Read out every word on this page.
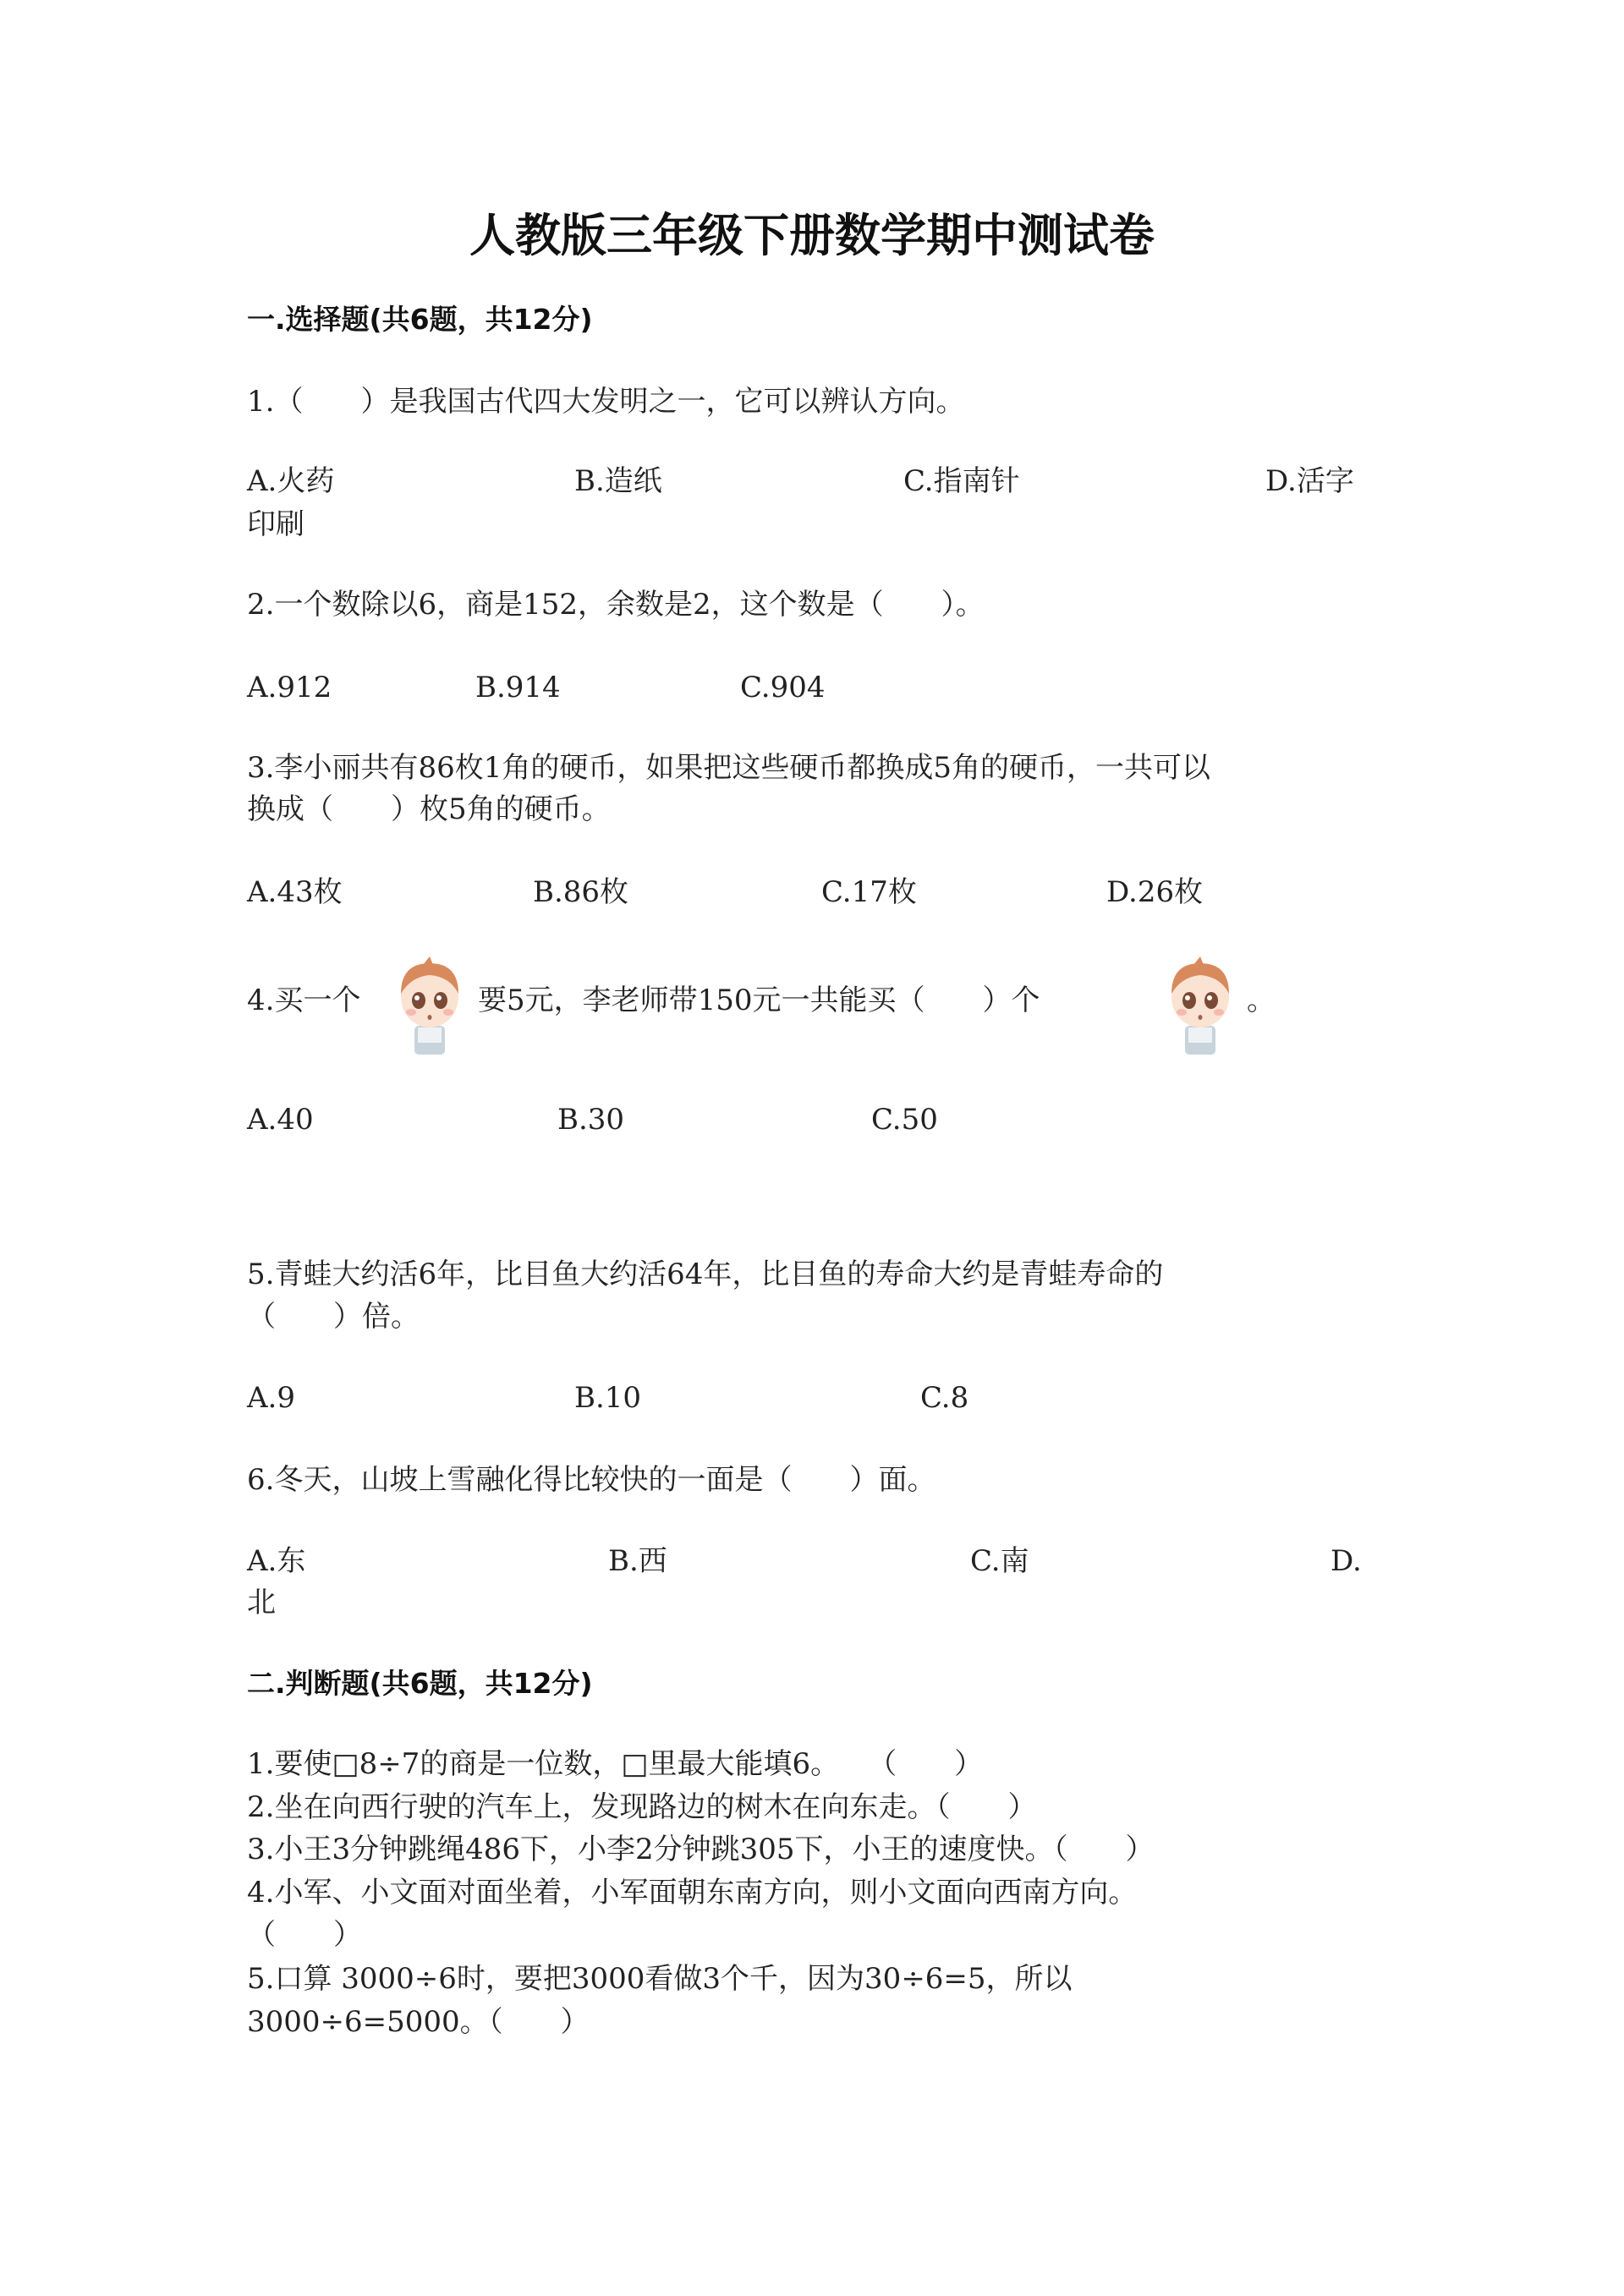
人教版三年级下册数学期中测试卷
一.选择题(共6题，共12分)
1.（　　）是我国古代四大发明之一，它可以辨认方向。
A.火药	B.造纸	C.指南针	D.活字
印刷
2.一个数除以6，商是152，余数是2，这个数是（　　）。
A.912	B.914	C.904
3.李小丽共有86枚1角的硬币，如果把这些硬币都换成5角的硬币，一共可以
换成（　　）枚5角的硬币。
A.43枚	B.86枚	C.17枚	D.26枚
4.买一个	要5元，李老师带150元一共能买（　　）个	。
A.40	B.30	C.50
5.青蛙大约活6年，比目鱼大约活64年，比目鱼的寿命大约是青蛙寿命的
（　　）倍。
A.9	B.10	C.8
6.冬天，山坡上雪融化得比较快的一面是（　　）面。
A.东	B.西	C.南	D.
北
二.判断题(共6题，共12分)
1.要使□8÷7的商是一位数，□里最大能填6。　　（　　）
2.坐在向西行驶的汽车上，发现路边的树木在向东走。（　　）
3.小王3分钟跳绳486下，小李2分钟跳305下，小王的速度快。（　　）
4.小军、小文面对面坐着，小军面朝东南方向，则小文面向西南方向。
（　　）
5.口算 3000÷6时，要把3000看做3个千，因为30÷6=5，所以
3000÷6=5000。（　　）
